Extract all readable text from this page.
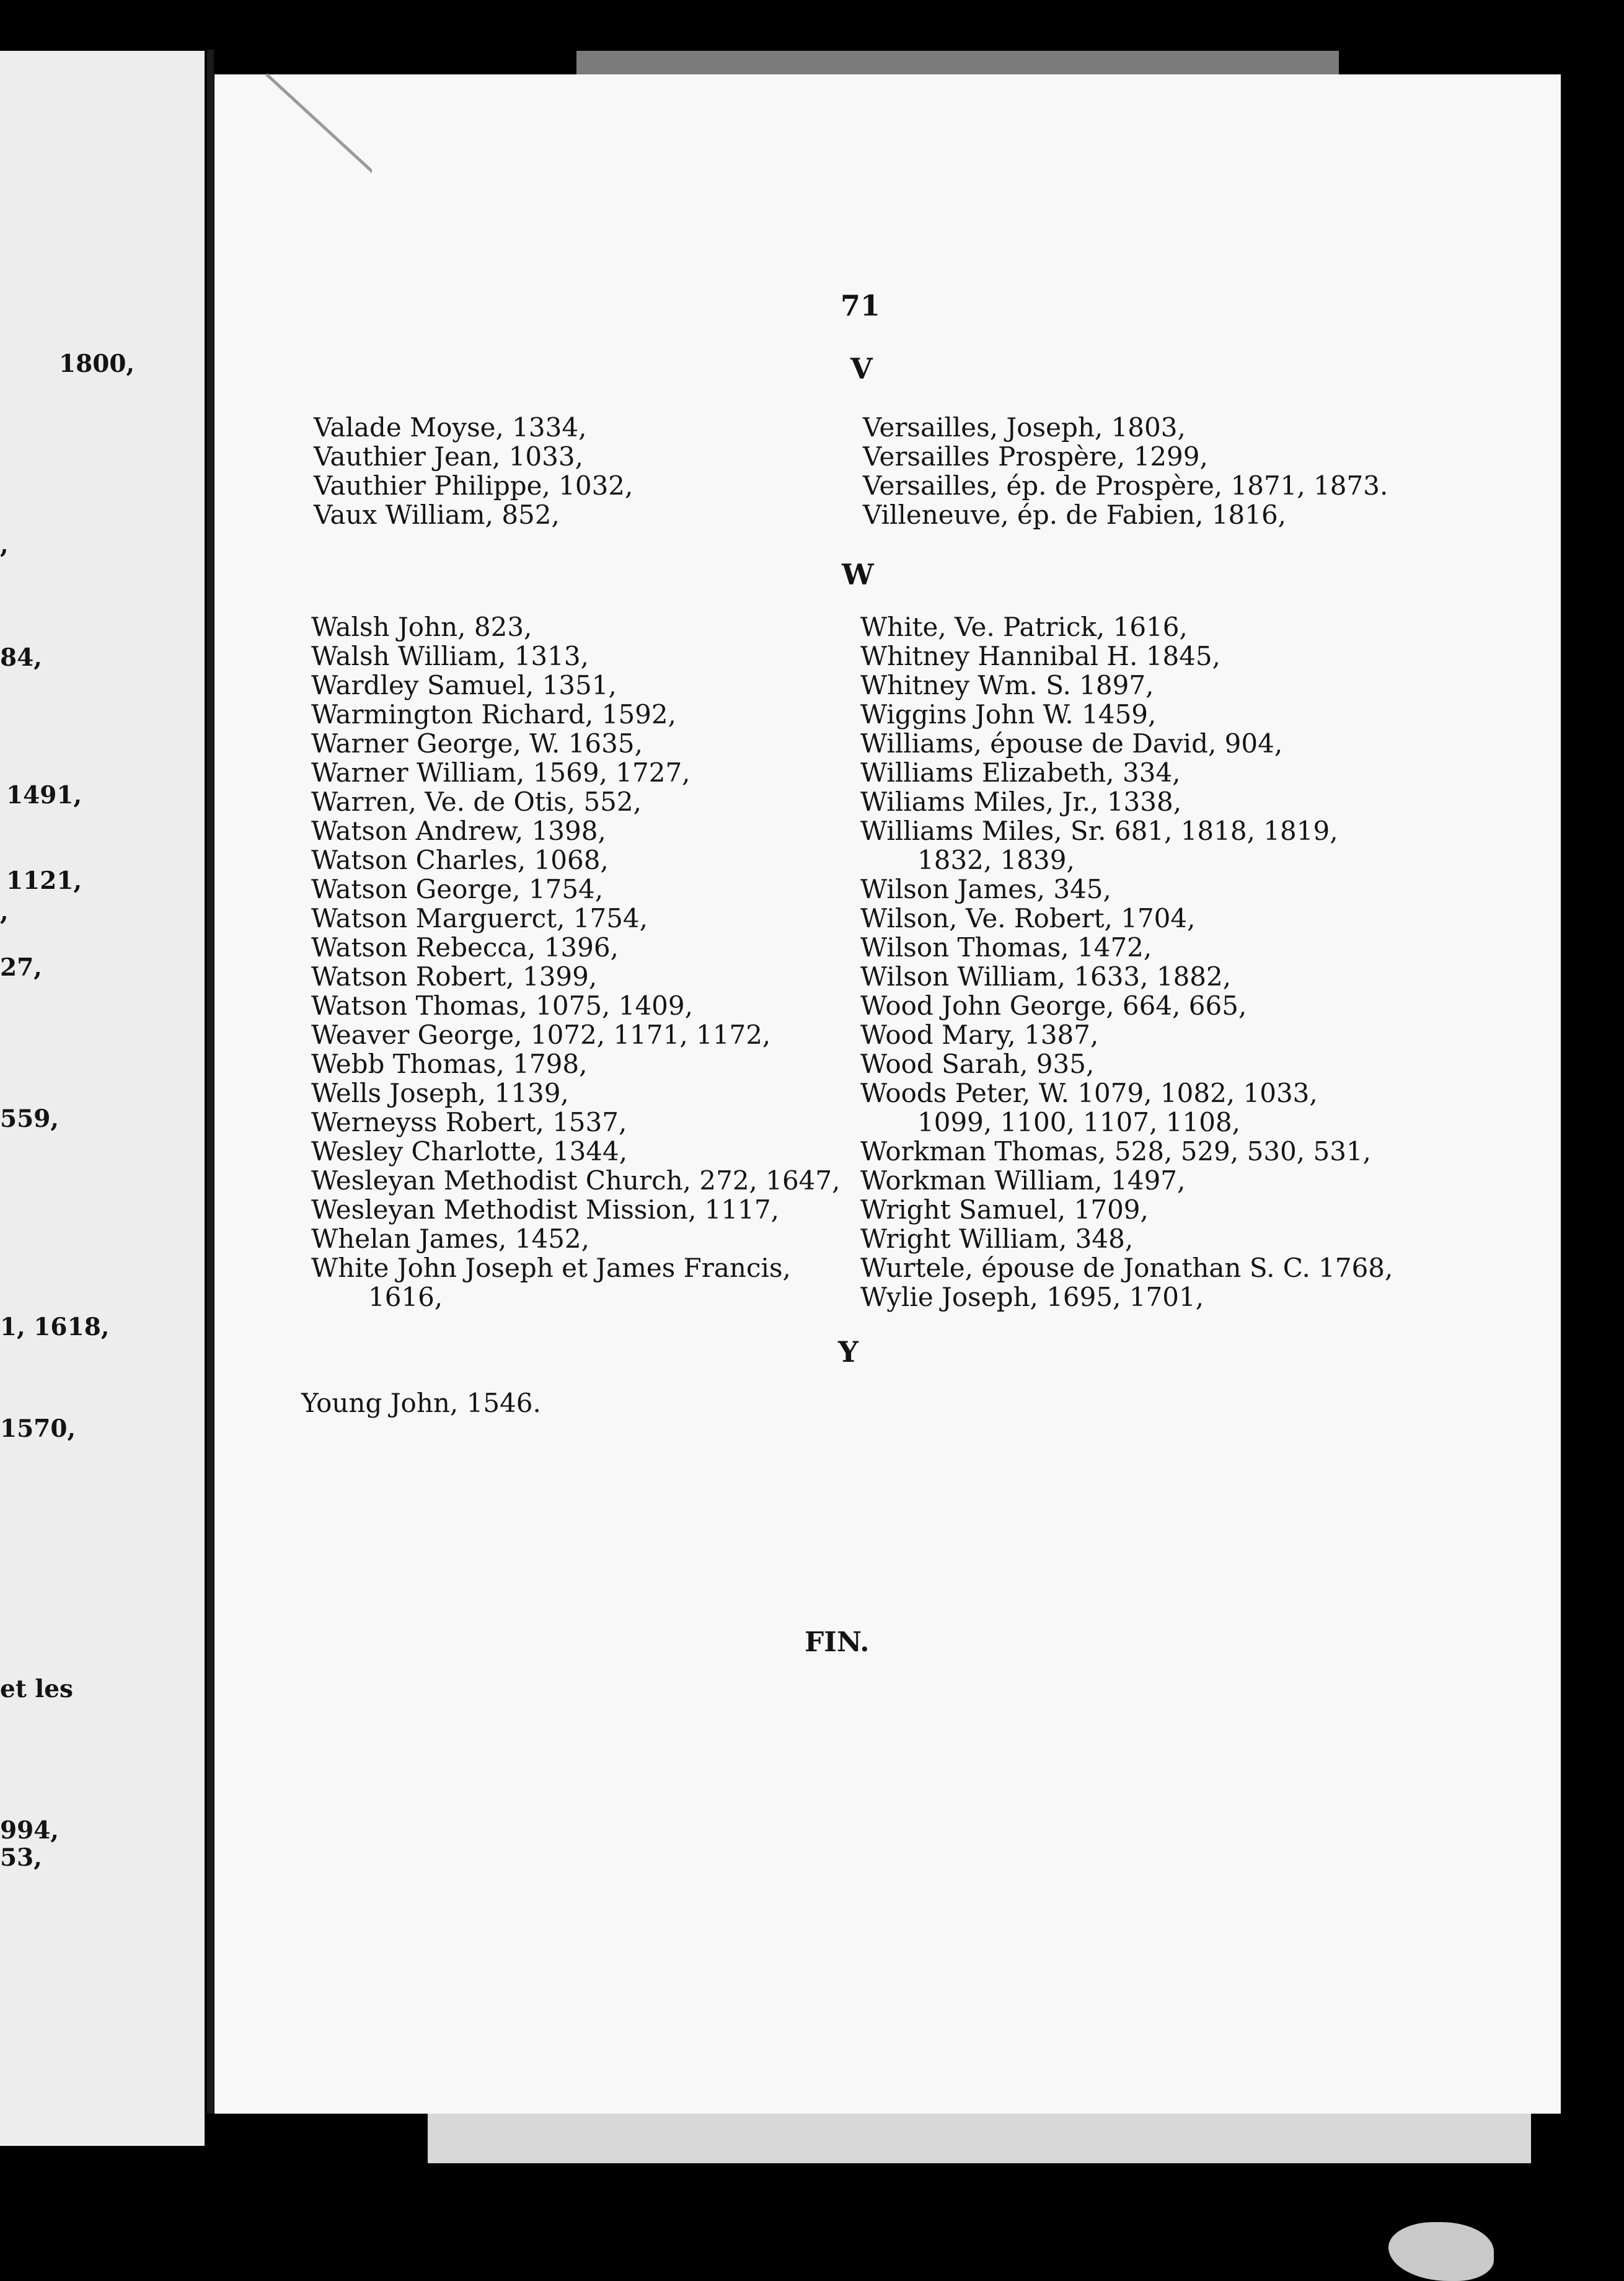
1800,
,
84,
1491,
1121,
,
27,
559,
1, 1618,
1570,
et les
994,
53,
71
V
Valade Moyse, 1334,
Vauthier Jean, 1033,
Vauthier Philippe, 1032,
Vaux William, 852,
Versailles, Joseph, 1803,
Versailles Prospère, 1299,
Versailles, ép. de Prospère, 1871, 1873.
Villeneuve, ép. de Fabien, 1816,
W
Walsh John, 823,
Walsh William, 1313,
Wardley Samuel, 1351,
Warmington Richard, 1592,
Warner George, W. 1635,
Warner William, 1569, 1727,
Warren, Ve. de Otis, 552,
Watson Andrew, 1398,
Watson Charles, 1068,
Watson George, 1754,
Watson Marguerct, 1754,
Watson Rebecca, 1396,
Watson Robert, 1399,
Watson Thomas, 1075, 1409,
Weaver George, 1072, 1171, 1172,
Webb Thomas, 1798,
Wells Joseph, 1139,
Werneyss Robert, 1537,
Wesley Charlotte, 1344,
Wesleyan Methodist Church, 272, 1647,
Wesleyan Methodist Mission, 1117,
Whelan James, 1452,
White John Joseph et James Francis,
1616,
White, Ve. Patrick, 1616,
Whitney Hannibal H. 1845,
Whitney Wm. S. 1897,
Wiggins John W. 1459,
Williams, épouse de David, 904,
Williams Elizabeth, 334,
Wiliams Miles, Jr., 1338,
Williams Miles, Sr. 681, 1818, 1819,
1832, 1839,
Wilson James, 345,
Wilson, Ve. Robert, 1704,
Wilson Thomas, 1472,
Wilson William, 1633, 1882,
Wood John George, 664, 665,
Wood Mary, 1387,
Wood Sarah, 935,
Woods Peter, W. 1079, 1082, 1033,
1099, 1100, 1107, 1108,
Workman Thomas, 528, 529, 530, 531,
Workman William, 1497,
Wright Samuel, 1709,
Wright William, 348,
Wurtele, épouse de Jonathan S. C. 1768,
Wylie Joseph, 1695, 1701,
Y
Young John, 1546.
FIN.
